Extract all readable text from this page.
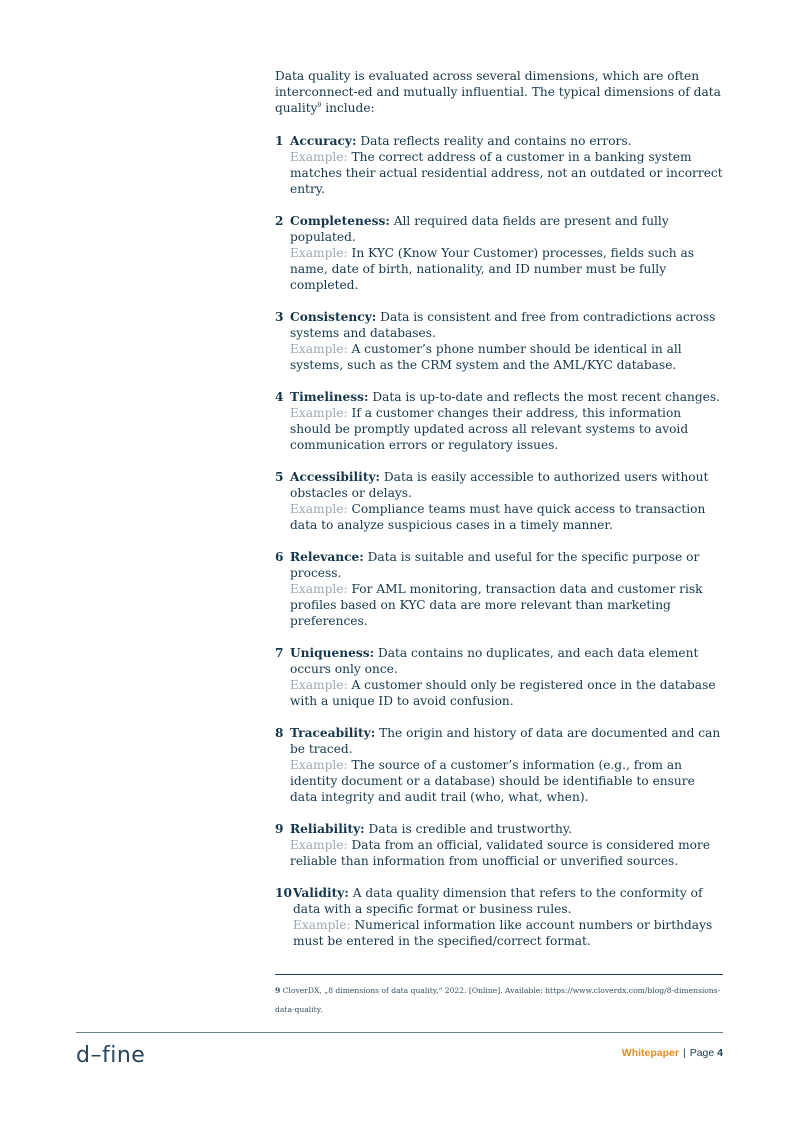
Data quality is evaluated across several dimensions, which are often interconnect-ed and mutually influential. The typical dimensions of data quality$^9$ include:

1 Accuracy: Data reflects reality and contains no errors.
Example: The correct address of a customer in a banking system matches their actual residential address, not an outdated or incorrect entry.
2 Completeness: All required data fields are present and fully populated.
Example: In KYC (Know Your Customer) processes, fields such as name, date of birth, nationality, and ID number must be fully completed.
3 Consistency: Data is consistent and free from contradictions across systems and databases.
Example: A customer’s phone number should be identical in all systems, such as the CRM system and the AML/KYC database.
4 Timeliness: Data is up-to-date and reflects the most recent changes.
Example: If a customer changes their address, this information should be promptly updated across all relevant systems to avoid communication errors or regulatory issues.
5 Accessibility: Data is easily accessible to authorized users without obstacles or delays.
Example: Compliance teams must have quick access to transaction data to analyze suspicious cases in a timely manner.
6 Relevance: Data is suitable and useful for the specific purpose or process.
Example: For AML monitoring, transaction data and customer risk profiles based on KYC data are more relevant than marketing preferences.
7 Uniqueness: Data contains no duplicates, and each data element occurs only once.
Example: A customer should only be registered once in the database with a unique ID to avoid confusion.
8 Traceability: The origin and history of data are documented and can be traced.
Example: The source of a customer’s information (e.g., from an identity document or a database) should be identifiable to ensure data integrity and audit trail (who, what, when).
9 Reliability: Data is credible and trustworthy.
Example: Data from an official, validated source is considered more reliable than information from unofficial or unverified sources.
10 Validity: A data quality dimension that refers to the conformity of data with a specific format or business rules.
Example: Numerical information like account numbers or birthdays must be entered in the specified/correct format.
9 CloverDX, „8 dimensions of data quality,“ 2022. [Online]. Available: https://www.cloverdx.com/blog/8-dimensions-data-quality.
d–fine	Whitepaper | Page 4
